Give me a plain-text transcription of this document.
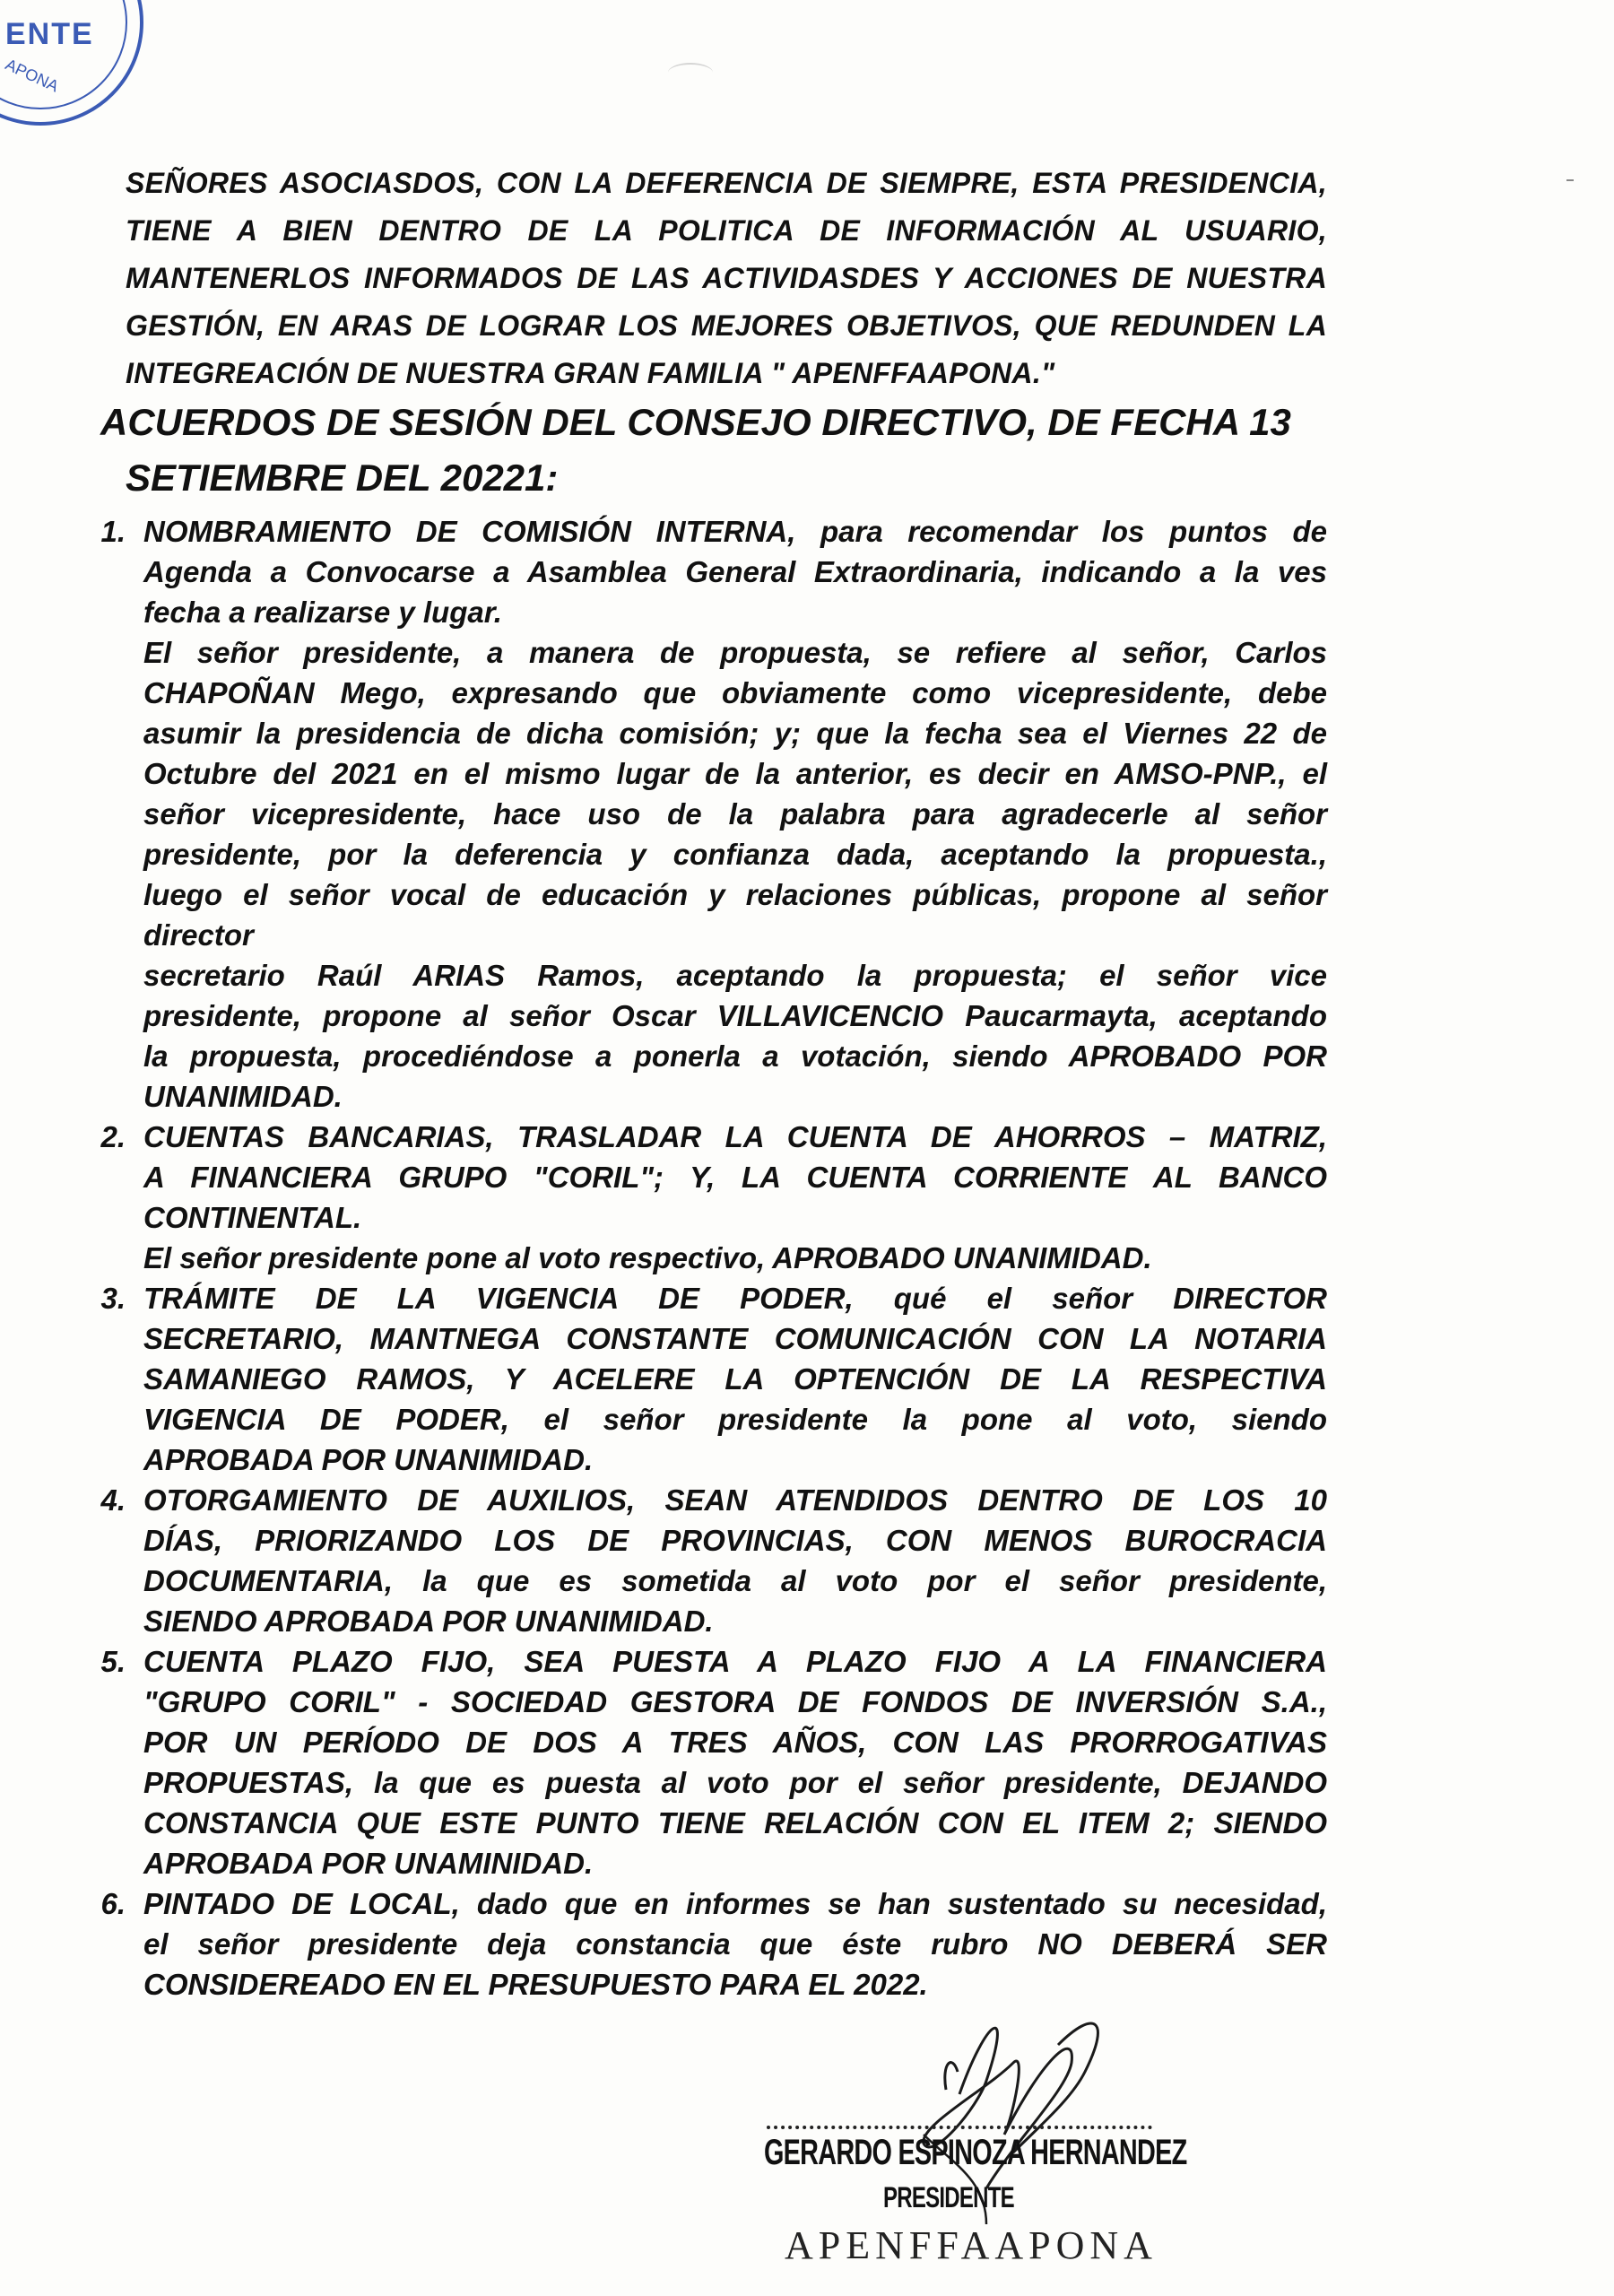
ENTE
APONA
SEÑORES ASOCIASDOS, CON LA DEFERENCIA DE SIEMPRE, ESTA PRESIDENCIA,
TIENE A BIEN DENTRO DE LA POLITICA DE INFORMACIÓN AL USUARIO,
MANTENERLOS INFORMADOS DE LAS ACTIVIDASDES Y ACCIONES DE NUESTRA
GESTIÓN, EN ARAS DE LOGRAR LOS MEJORES OBJETIVOS, QUE REDUNDEN LA
INTEGREACIÓN DE NUESTRA GRAN FAMILIA " APENFFAAPONA."
ACUERDOS DE SESIÓN DEL CONSEJO DIRECTIVO, DE FECHA 13
SETIEMBRE DEL 20221:
1. NOMBRAMIENTO DE COMISIÓN INTERNA, para recomendar los puntos de
Agenda a Convocarse a Asamblea General Extraordinaria, indicando a la ves
fecha a realizarse y lugar.
El señor presidente, a manera de propuesta, se refiere al señor, Carlos
CHAPOÑAN Mego, expresando que obviamente como vicepresidente, debe
asumir la presidencia de dicha comisión; y; que la fecha sea el Viernes 22 de
Octubre del 2021 en el mismo lugar de la anterior, es decir en AMSO-PNP., el
señor vicepresidente, hace uso de la palabra para agradecerle al señor
presidente, por la deferencia y confianza dada, aceptando la propuesta.,
luego el señor vocal de educación y relaciones públicas, propone al señor
director
secretario Raúl ARIAS Ramos, aceptando la propuesta; el señor vice
presidente, propone al señor Oscar VILLAVICENCIO Paucarmayta, aceptando
la propuesta, procediéndose a ponerla a votación, siendo APROBADO POR
UNANIMIDAD.
2. CUENTAS BANCARIAS, TRASLADAR LA CUENTA DE AHORROS – MATRIZ,
A FINANCIERA GRUPO "CORIL"; Y, LA CUENTA CORRIENTE AL BANCO
CONTINENTAL.
El señor presidente pone al voto respectivo, APROBADO UNANIMIDAD.
3. TRÁMITE DE LA VIGENCIA DE PODER, qué el señor DIRECTOR
SECRETARIO, MANTNEGA CONSTANTE COMUNICACIÓN CON LA NOTARIA
SAMANIEGO RAMOS, Y ACELERE LA OPTENCIÓN DE LA RESPECTIVA
VIGENCIA DE PODER, el señor presidente la pone al voto, siendo
APROBADA POR UNANIMIDAD.
4. OTORGAMIENTO DE AUXILIOS, SEAN ATENDIDOS DENTRO DE LOS 10
DÍAS, PRIORIZANDO LOS DE PROVINCIAS, CON MENOS BUROCRACIA
DOCUMENTARIA, la que es sometida al voto por el señor presidente,
SIENDO APROBADA POR UNANIMIDAD.
5. CUENTA PLAZO FIJO, SEA PUESTA A PLAZO FIJO A LA FINANCIERA
"GRUPO CORIL" - SOCIEDAD GESTORA DE FONDOS DE INVERSIÓN S.A.,
POR UN PERÍODO DE DOS A TRES AÑOS, CON LAS PRORROGATIVAS
PROPUESTAS, la que es puesta al voto por el señor presidente, DEJANDO
CONSTANCIA QUE ESTE PUNTO TIENE RELACIÓN CON EL ITEM 2; SIENDO
APROBADA POR UNAMINIDAD.
6. PINTADO DE LOCAL, dado que en informes se han sustentado su necesidad,
el señor presidente deja constancia que éste rubro NO DEBERÁ SER
CONSIDEREADO EN EL PRESUPUESTO PARA EL 2022.
GERARDO ESPINOZA HERNANDEZ
PRESIDENTE
APENFFAAPONA
